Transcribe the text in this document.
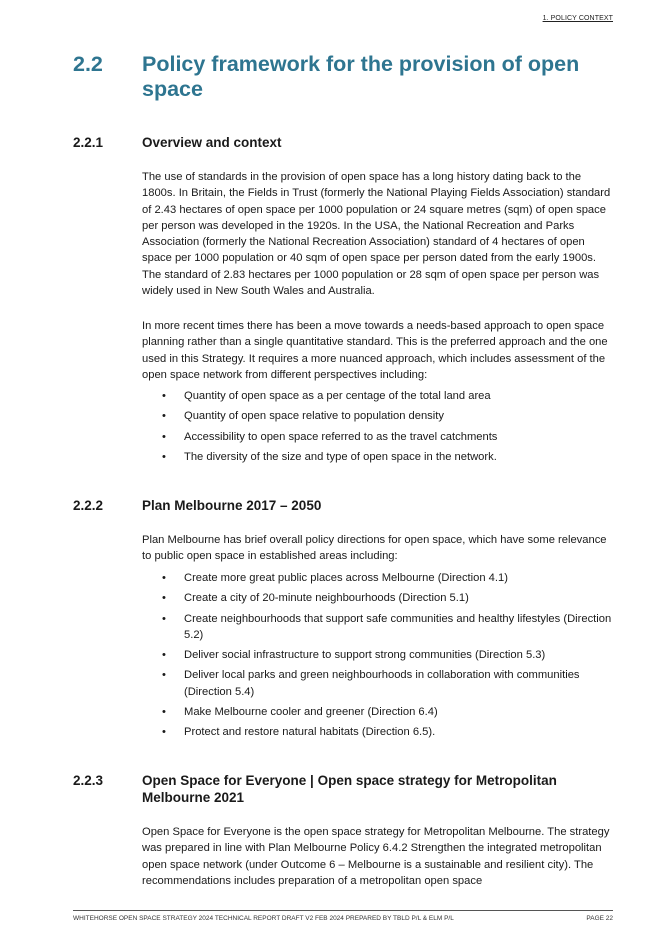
1. POLICY CONTEXT
2.2 Policy framework for the provision of open space
2.2.1	Overview and context

The use of standards in the provision of open space has a long history dating back to the 1800s. In Britain, the Fields in Trust (formerly the National Playing Fields Association) standard of 2.43 hectares of open space per 1000 population or 24 square metres (sqm) of open space per person was developed in the 1920s. In the USA, the National Recreation and Parks Association (formerly the National Recreation Association) standard of 4 hectares of open space per 1000 population or 40 sqm of open space per person dated from the early 1900s. The standard of 2.83 hectares per 1000 population or 28 sqm of open space per person was widely used in New South Wales and Australia.

In more recent times there has been a move towards a needs-based approach to open space planning rather than a single quantitative standard. This is the preferred approach and the one used in this Strategy. It requires a more nuanced approach, which includes assessment of the open space network from different perspectives including:

• Quantity of open space as a per centage of the total land area
• Quantity of open space relative to population density
• Accessibility to open space referred to as the travel catchments
• The diversity of the size and type of open space in the network.
2.2.2	Plan Melbourne 2017 – 2050

Plan Melbourne has brief overall policy directions for open space, which have some relevance to public open space in established areas including:

• Create more great public places across Melbourne (Direction 4.1)
• Create a city of 20-minute neighbourhoods (Direction 5.1)
• Create neighbourhoods that support safe communities and healthy lifestyles (Direction 5.2)
• Deliver social infrastructure to support strong communities (Direction 5.3)
• Deliver local parks and green neighbourhoods in collaboration with communities (Direction 5.4)
• Make Melbourne cooler and greener (Direction 6.4)
• Protect and restore natural habitats (Direction 6.5).
2.2.3	Open Space for Everyone | Open space strategy for Metropolitan Melbourne 2021

Open Space for Everyone is the open space strategy for Metropolitan Melbourne. The strategy was prepared in line with Plan Melbourne Policy 6.4.2 Strengthen the integrated metropolitan open space network (under Outcome 6 – Melbourne is a sustainable and resilient city). The recommendations includes preparation of a metropolitan open space

WHITEHORSE OPEN SPACE STRATEGY 2024 TECHNICAL REPORT DRAFT V2 FEB 2024 PREPARED BY TBLD P/L & ELM P/L	PAGE 22
